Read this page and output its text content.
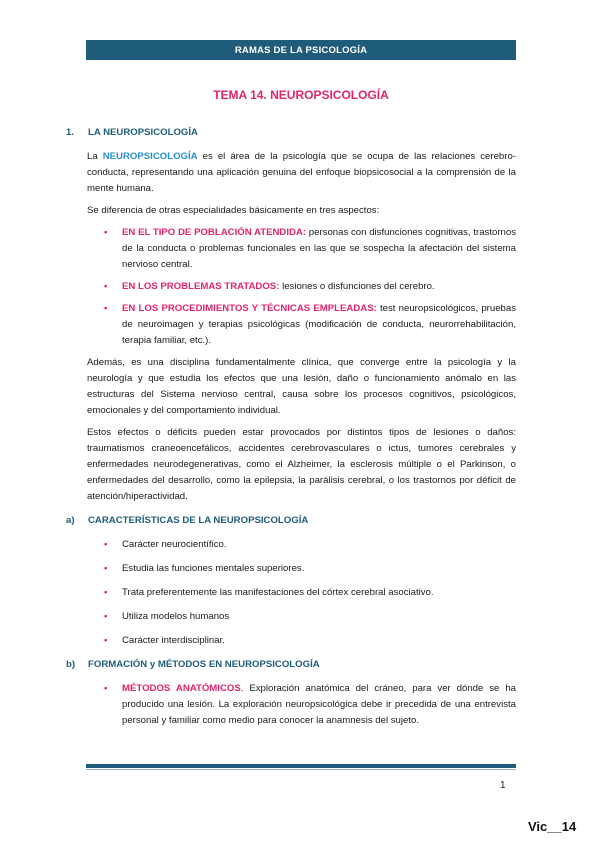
RAMAS DE LA PSICOLOGÍA
TEMA 14. NEUROPSICOLOGÍA
1.	LA NEUROPSICOLOGÍA

La NEUROPSICOLOGÍA es el área de la psicología que se ocupa de las relaciones cerebro-conducta, representando una aplicación genuina del enfoque biopsicosocial a la comprensión de la mente humana.

Se diferencia de otras especialidades básicamente en tres aspectos:

• EN EL TIPO DE POBLACIÓN ATENDIDA: personas con disfunciones cognitivas, trastornos de la conducta o problemas funcionales en las que se sospecha la afectación del sistema nervioso central.
• EN LOS PROBLEMAS TRATADOS: lesiones o disfunciones del cerebro.
• EN LOS PROCEDIMIENTOS Y TÉCNICAS EMPLEADAS: test neuropsicológicos, pruebas de neuroimagen y terapias psicológicas (modificación de conducta, neurorrehabilitación, terapia familiar, etc.).

Además, es una disciplina fundamentalmente clínica, que converge entre la psicología y la neurología y que estudia los efectos que una lesión, daño o funcionamiento anómalo en las estructuras del Sistema nervioso central, causa sobre los procesos cognitivos, psicológicos, emocionales y del comportamiento individual.

Estos efectos o déficits pueden estar provocados por distintos tipos de lesiones o daños: traumatismos craneoencefálicos, accidentes cerebrovasculares o ictus, tumores cerebrales y enfermedades neurodegenerativas, como el Alzheimer, la esclerosis múltiple o el Parkinson, o enfermedades del desarrollo, como la epilepsia, la parálisis cerebral, o los trastornos por déficit de atención/hiperactividad.

a)	CARACTERÍSTICAS DE LA NEUROPSICOLOGÍA
• Carácter neurocientífico.
• Estudia las funciones mentales superiores.
• Trata preferentemente las manifestaciones del córtex cerebral asociativo.
• Utiliza modelos humanos
• Carácter interdisciplinar.
b)	FORMACIÓN y MÉTODOS EN NEUROPSICOLOGÍA
• MÉTODOS ANATÓMICOS. Exploración anatómica del cráneo, para ver dónde se ha producido una lesión. La exploración neuropsicológica debe ir precedida de una entrevista personal y familiar como medio para conocer la anamnesis del sujeto.
1
Vic__14
